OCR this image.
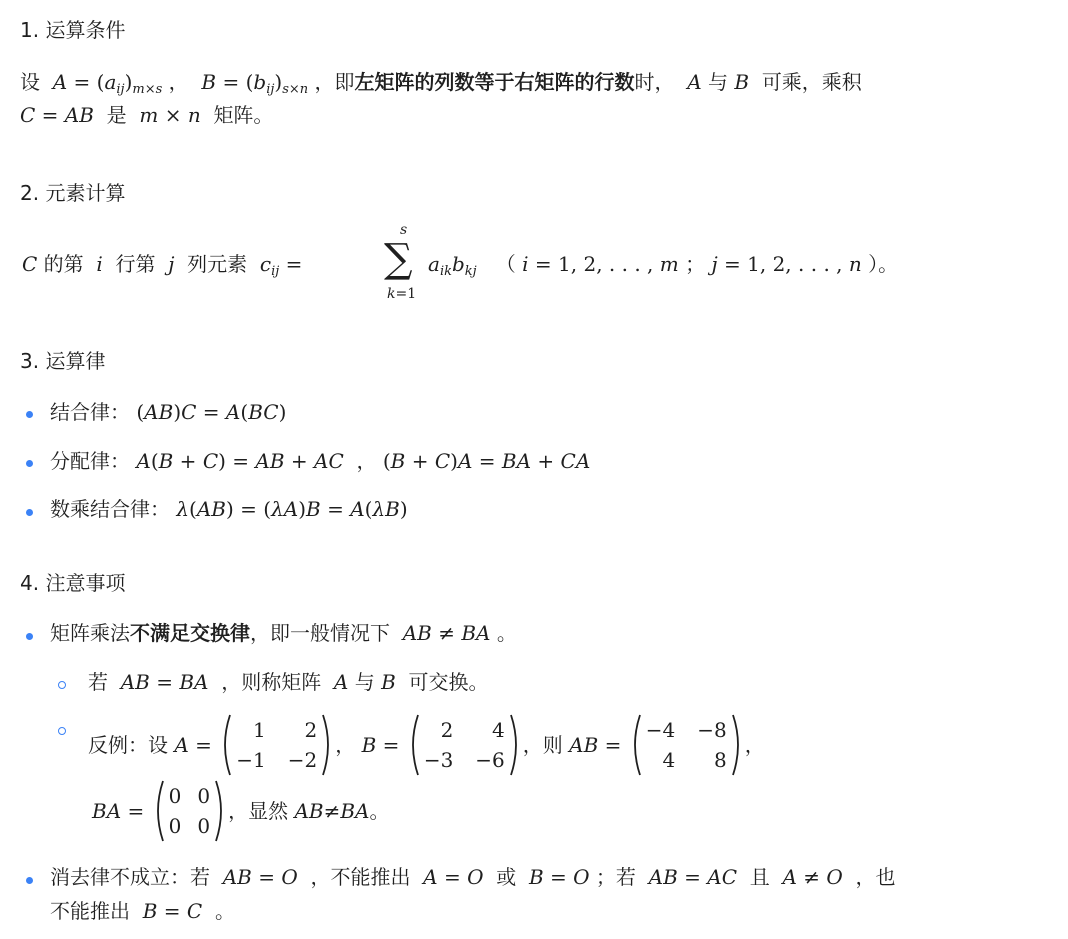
1. 运算条件
设  $A = (a_{ij})_{m\times s}$ ，  $B = (b_{ij})_{s\times n}$ ，即左矩阵的列数等于右矩阵的行数时，  A 与 B  可乘，乘积
C = AB  是  m × n  矩阵。
2. 元素计算
C 的第  i  行第  j  列元素  $c_{ij}$ =
s
∑
k=1
$a_{ik}b_{kj}$ （ i = 1, 2, . . . , m ； j = 1, 2, . . . , n ）。
3. 运算律
结合律： (AB)C = A(BC)
分配律： A(B + C) = AB + AC  ， (B + C)A = BA + CA
数乘结合律： λ(AB) = (λA)B = A(λB)
4. 注意事项
矩阵乘法不满足交换律，即一般情况下  AB ≠ BA 。
若  AB = BA  ，则称矩阵  A 与 B  可交换。
反例：设 A =
1	2
−1 −2
， B =
2	4
−3 −6
，则 AB =
−4 −8
4	8
，
BA =
0 0
0 0
，显然 AB ≠ BA 。
消去律不成立：若  AB = O  ，不能推出  A = O  或  B = O ；若  AB = AC  且  A ≠ O  ，也
不能推出  B = C  。
